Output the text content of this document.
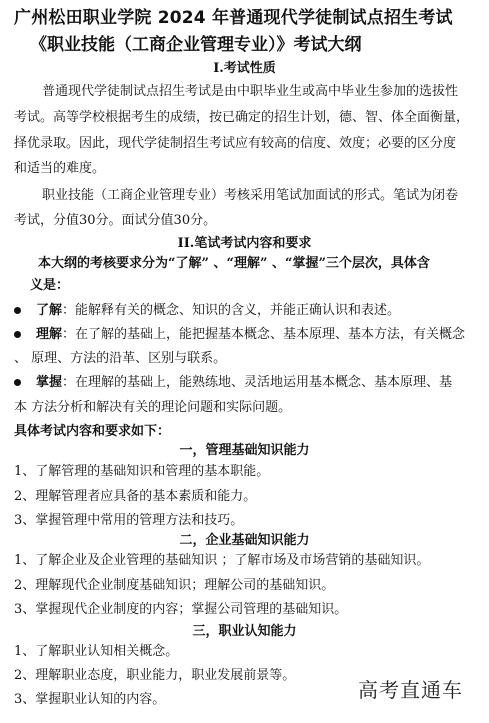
广州松田职业学院 2024 年普通现代学徒制试点招生考试
《职业技能（工商企业管理专业）》考试大纲
I.考试性质
普通现代学徒制试点招生考试是由中职毕业生或高中毕业生参加的选拔性
考试。高等学校根据考生的成绩，按已确定的招生计划，德、智、体全面衡量，
择优录取。因此，现代学徒制招生考试应有较高的信度、效度；必要的区分度
和适当的难度。
职业技能（工商企业管理专业）考核采用笔试加面试的形式。笔试为闭卷
考试，分值30分。面试分值30分。
II.笔试考试内容和要求
本大纲的考核要求分为“了解” 、“理解” 、“掌握”三个层次，具体含
义是：
了解：能解释有关的概念、知识的含义，并能正确认识和表述。
理解：在了解的基础上，能把握基本概念、基本原理、基本方法，有关概念
、 原理、方法的沿革、区别与联系。
掌握：在理解的基础上，能熟练地、灵活地运用基本概念、基本原理、基
本 方法分析和解决有关的理论问题和实际问题。
具体考试内容和要求如下：
一，管理基础知识能力
1、了解管理的基础知识和管理的基本职能。
2、理解管理者应具备的基本素质和能力。
3、掌握管理中常用的管理方法和技巧。
二，企业基础知识能力
1、了解企业及企业管理的基础知识 ；了解市场及市场营销的基础知识。
2、理解现代企业制度基础知识；理解公司的基础知识。
3、掌握现代企业制度的内容；掌握公司管理的基础知识。
三，职业认知能力
1、了解职业认知相关概念。
2、理解职业态度，职业能力，职业发展前景等。
3、掌握职业认知的内容。	高考直通车
